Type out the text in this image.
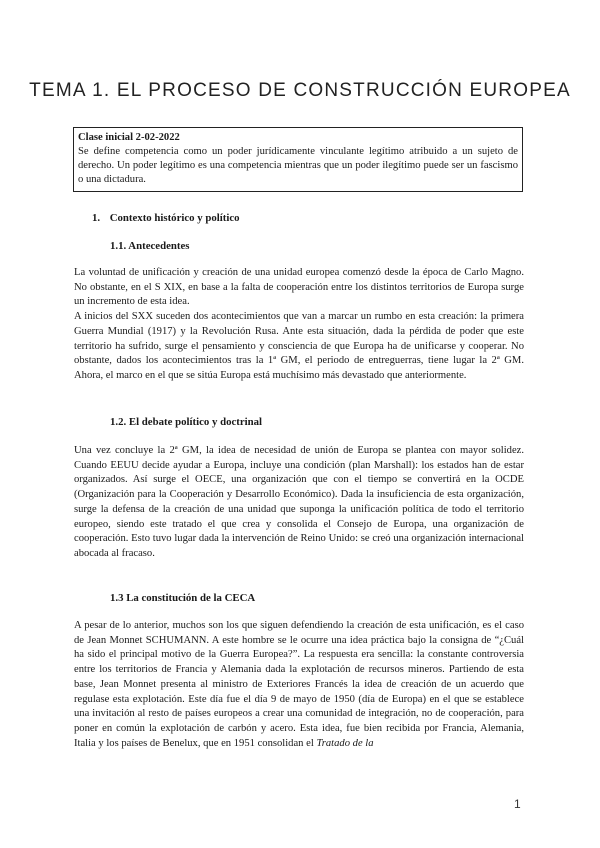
TEMA 1. EL PROCESO DE CONSTRUCCIÓN EUROPEA
Clase inicial 2-02-2022
Se define competencia como un poder jurídicamente vinculante legítimo atribuido a un sujeto de derecho. Un poder legítimo es una competencia mientras que un poder ilegítimo puede ser un fascismo o una dictadura.
1. Contexto histórico y político
1.1. Antecedentes

La voluntad de unificación y creación de una unidad europea comenzó desde la época de Carlo Magno. No obstante, en el S XIX, en base a la falta de cooperación entre los distintos territorios de Europa surge un incremento de esta idea.

A inicios del SXX suceden dos acontecimientos que van a marcar un rumbo en esta creación: la primera Guerra Mundial (1917) y la Revolución Rusa. Ante esta situación, dada la pérdida de poder que este territorio ha sufrido, surge el pensamiento y consciencia de que Europa ha de unificarse y cooperar. No obstante, dados los acontecimientos tras la 1ª GM, el periodo de entreguerras, tiene lugar la 2ª GM. Ahora, el marco en el que se sitúa Europa está muchísimo más devastado que anteriormente.

1.2. El debate político y doctrinal

Una vez concluye la 2ª GM, la idea de necesidad de unión de Europa se plantea con mayor solidez. Cuando EEUU decide ayudar a Europa, incluye una condición (plan Marshall): los estados han de estar organizados. Así surge el OECE, una organización que con el tiempo se convertirá en la OCDE (Organización para la Cooperación y Desarrollo Económico). Dada la insuficiencia de esta organización, surge la defensa de la creación de una unidad que suponga la unificación política de todo el territorio europeo, siendo este tratado el que crea y consolida el Consejo de Europa, una organización de cooperación. Esto tuvo lugar dada la intervención de Reino Unido: se creó una organización internacional abocada al fracaso.

1.3 La constitución de la CECA

A pesar de lo anterior, muchos son los que siguen defendiendo la creación de esta unificación, es el caso de Jean Monnet SCHUMANN. A este hombre se le ocurre una idea práctica bajo la consigna de “¿Cuál ha sido el principal motivo de la Guerra Europea?”. La respuesta era sencilla: la constante controversia entre los territorios de Francia y Alemania dada la explotación de recursos mineros. Partiendo de esta base, Jean Monnet presenta al ministro de Exteriores Francés la idea de creación de un acuerdo que regulase esta explotación. Este día fue el día 9 de mayo de 1950 (día de Europa) en el que se establece una invitación al resto de países europeos a crear una comunidad de integración, no de cooperación, para poner en común la explotación de carbón y acero. Esta idea, fue bien recibida por Francia, Alemania, Italia y los países de Benelux, que en 1951 consolidan el Tratado de la

1
